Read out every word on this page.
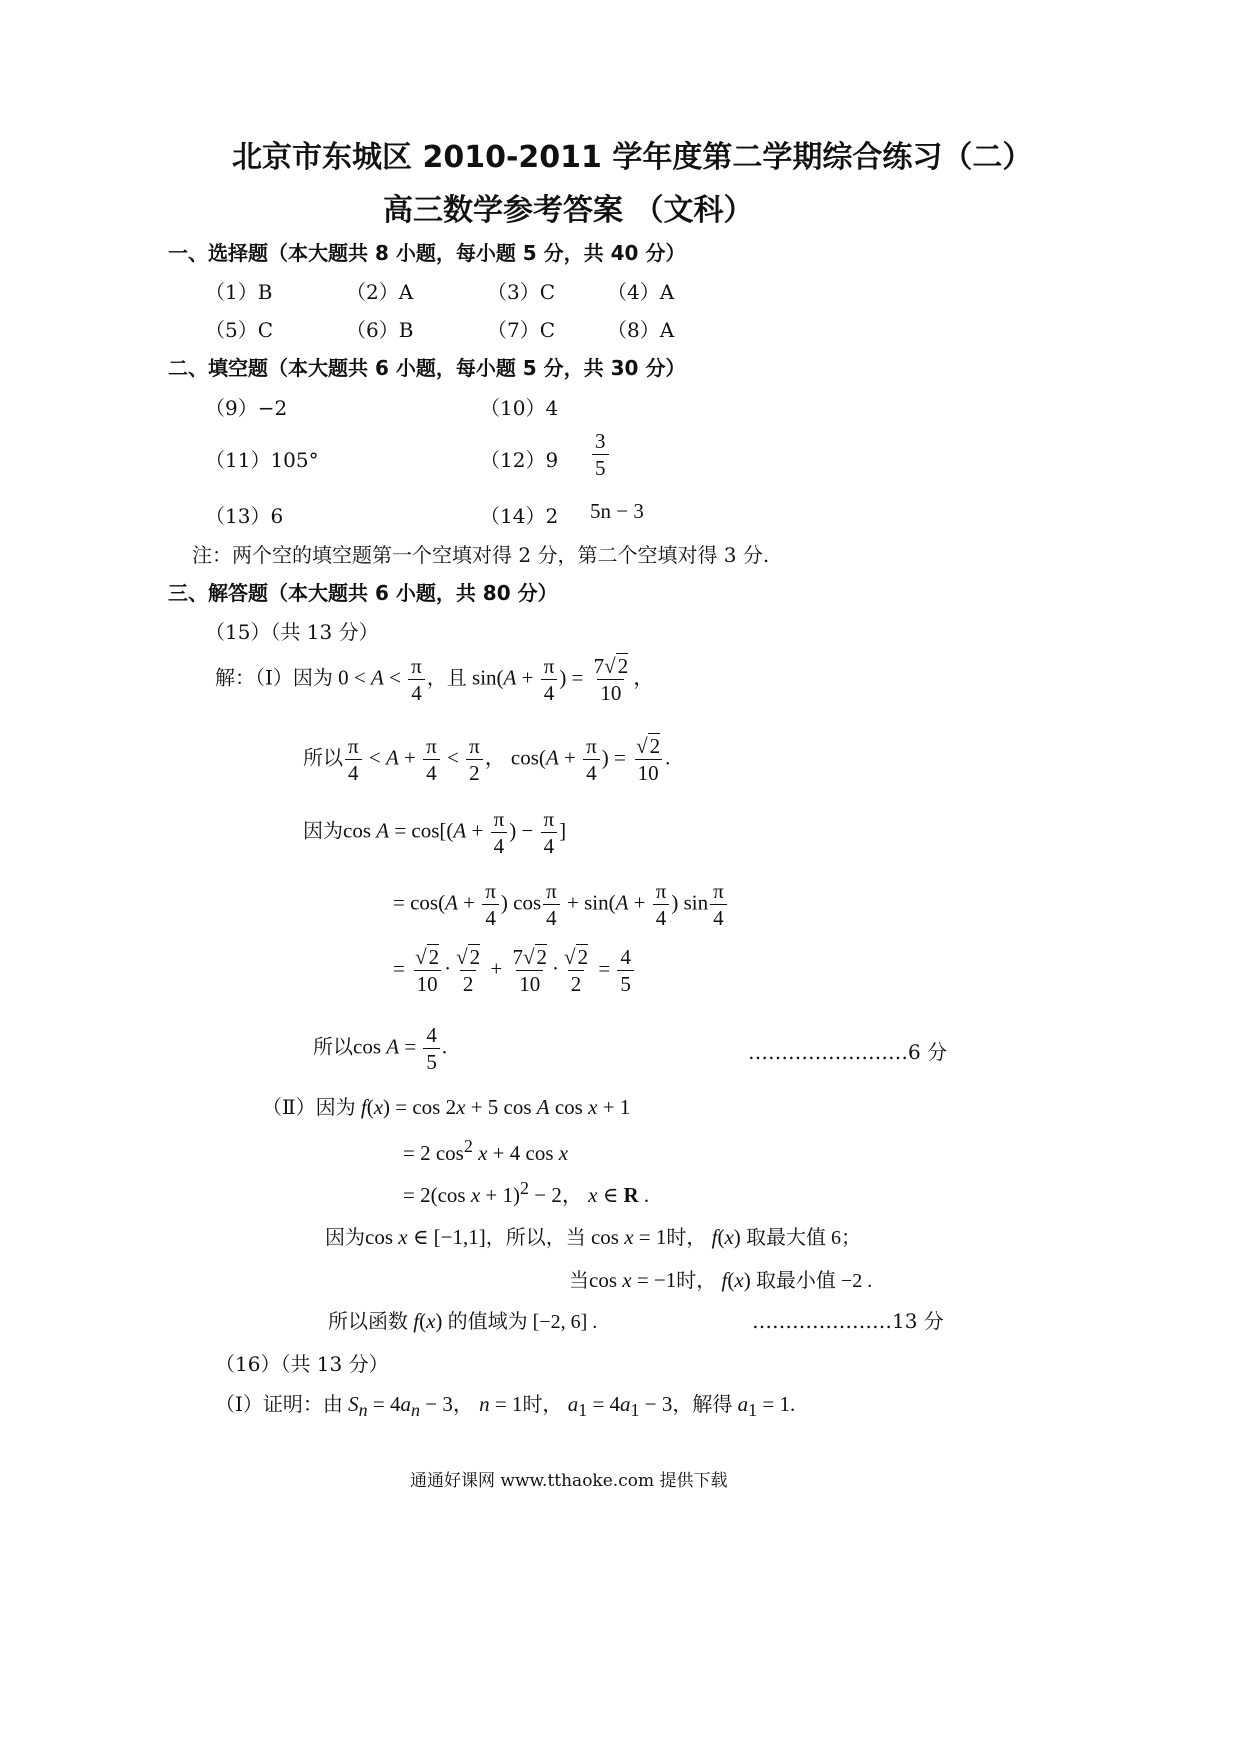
北京市东城区 2010-2011 学年度第二学期综合练习（二）
高三数学参考答案 （文科）
一、选择题（本大题共 8 小题，每小题 5 分，共 40 分）
（1）B	（2）A	（3）C	（4）A
（5）C	（6）B	（7）C	（8）A
二、填空题（本大题共 6 小题，每小题 5 分，共 30 分）
（9）−2	（10）4
（11）105°	$(12)9 \frac{3}{5}$
（13）6	（14）2 5n − 3
注：两个空的填空题第一个空填对得 2 分，第二个空填对得 3 分.
三、解答题（本大题共 6 小题，共 80 分）
（15）（共 13 分）
解：（Ⅰ）因为 $0 < A < \frac{\pi}{4}$ ，且 $\sin(A + \frac{\pi}{4}$ ) = $\frac{7√2}{10}$ ，
所以 $\frac{\pi}{4} < A + \frac{\pi}{4} < \frac{\pi}{2}$ ， $\cos(A + \frac{\pi}{4}$ ) = $\frac{√2}{10}$ .
因为$\cos A = \cos[(A + \frac{\pi}{4}$ ) − $\frac{\pi}{4}$ ]
= $\cos(A + \frac{\pi}{4}$ ) $\cos \frac{\pi}{4} + \sin(A + \frac{\pi}{4}$ ) $\sin \frac{\pi}{4}$
= $\frac{√2}{10} \cdot \frac{√2}{2} + \frac{7√2}{10} \cdot \frac{√2}{2} = \frac{4}{5}$
所以$\cos A = \frac{4}{5}$ .	……………………6 分
（Ⅱ）因为 f(x) = cos 2x + 5 cos A cos x + 1
= 2 $\cos^2 x + 4$ cos x
= 2(cos x + 1)$^2$ − 2， x ∈ R .
因为cos x ∈ [−1,1]，所以，当 cos x = 1时， f(x) 取最大值 6；
当cos x = −1时， f(x) 取最小值 −2 .
所以函数 f(x) 的值域为 [−2, 6] .	…………………13 分
（16）（共 13 分）
（Ⅰ）证明：由 $S_n = 4a_n - 3$， n = 1时， $a_1 = 4a_1 - 3$，解得 $a_1 = 1$.
通通好课网 www.tthaoke.com 提供下载
